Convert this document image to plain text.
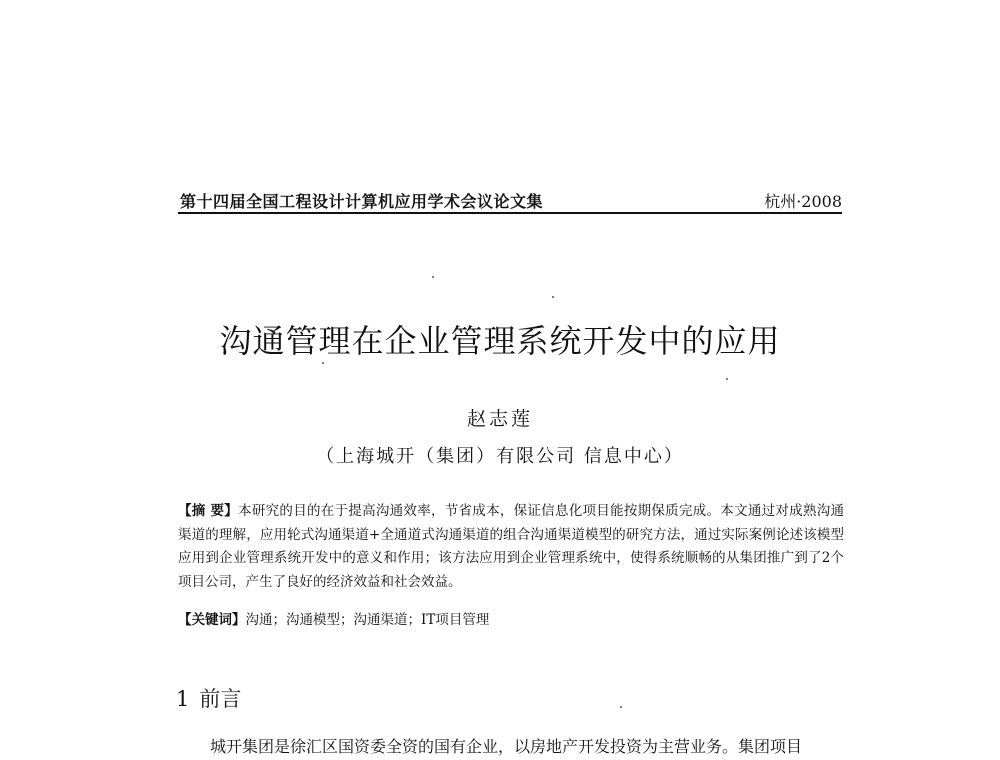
第十四届全国工程设计计算机应用学术会议论文集	杭州·2008
沟通管理在企业管理系统开发中的应用
赵志莲
（上海城开（集团）有限公司 信息中心）
【摘 要】本研究的目的在于提高沟通效率，节省成本，保证信息化项目能按期保质完成。本文通过对成熟沟通渠道的理解，应用轮式沟通渠道+全通道式沟通渠道的组合沟通渠道模型的研究方法，通过实际案例论述该模型应用到企业管理系统开发中的意义和作用；该方法应用到企业管理系统中，使得系统顺畅的从集团推广到了2个项目公司，产生了良好的经济效益和社会效益。
【关键词】沟通；沟通模型；沟通渠道；IT项目管理
1 前言
城开集团是徐汇区国资委全资的国有企业，以房地产开发投资为主营业务。集团项目
